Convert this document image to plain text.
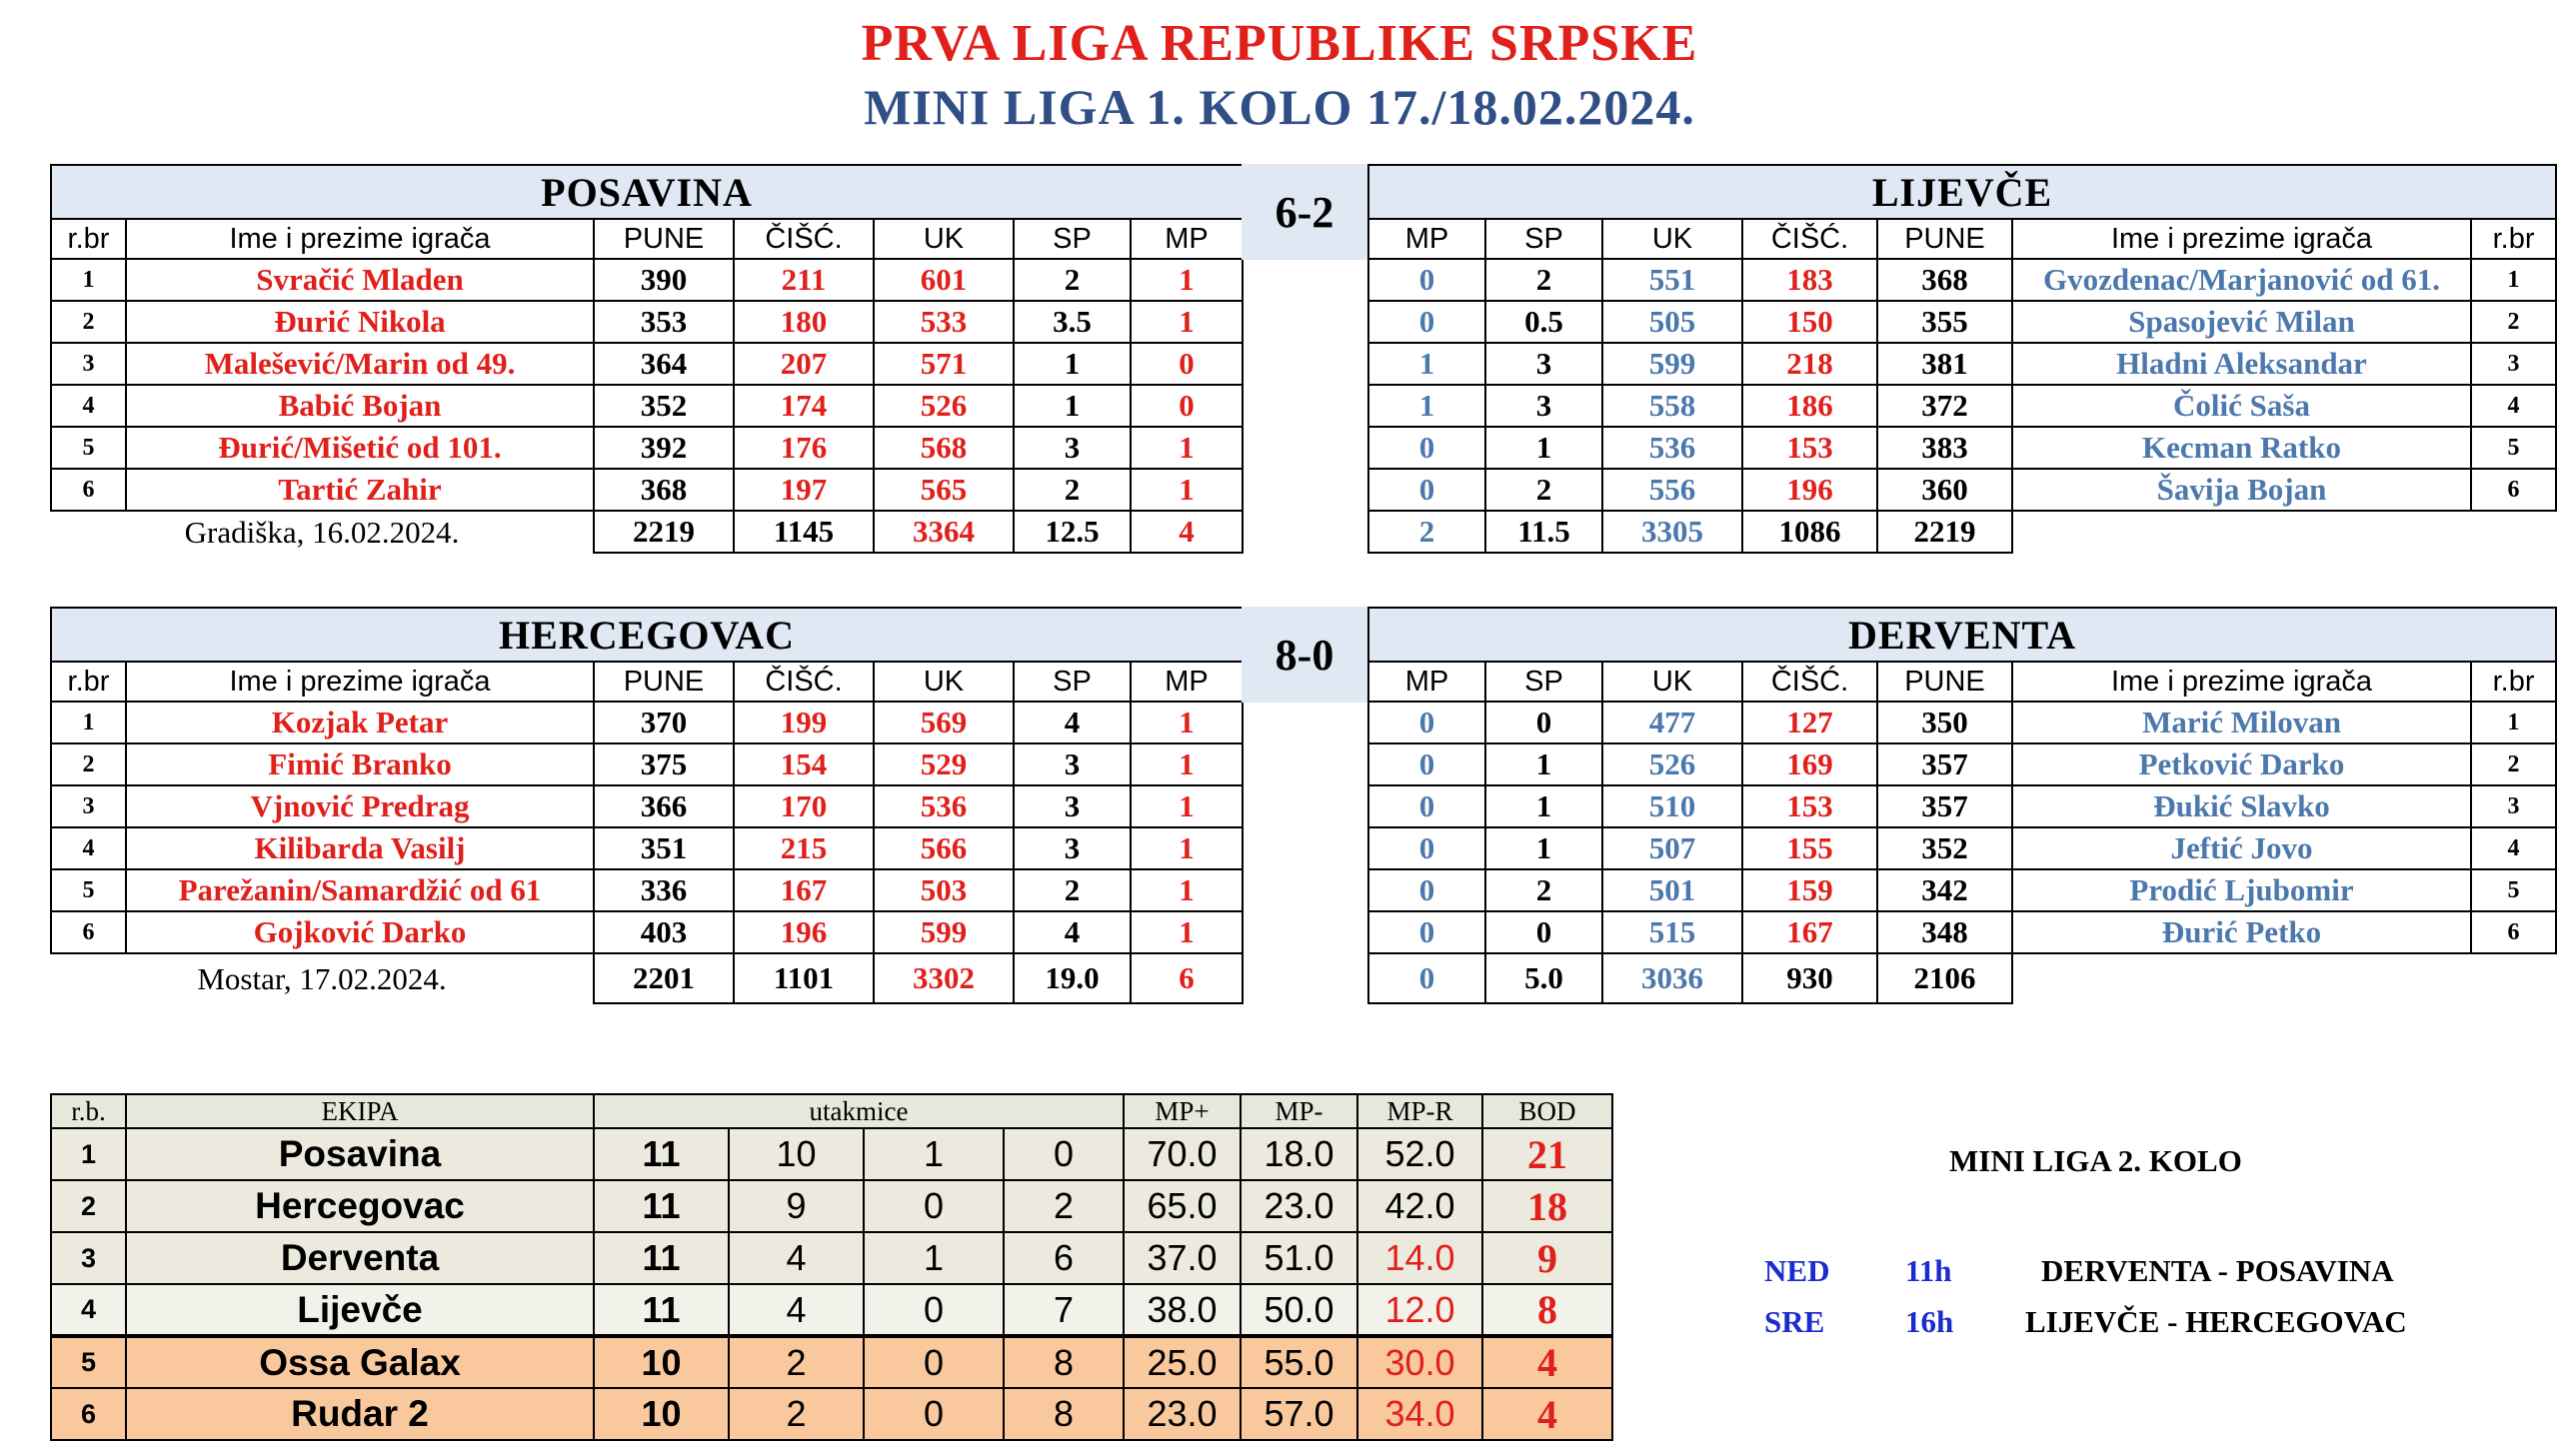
PRVA LIGA REPUBLIKE SRPSKE
MINI LIGA 1. KOLO 17./18.02.2024.
POSAVINA						
r.br	Ime i prezime igrača	PUNE	ČIŠĆ.	UK	SP	MP
1	Svračić Mladen	390	211	601	2	1
2	Đurić Nikola	353	180	533	3.5	1
3	Malešević/Marin od 49.	364	207	571	1	0
4	Babić Bojan	352	174	526	1	0
5	Đurić/Mišetić od 101.	392	176	568	3	1
6	Tartić Zahir	368	197	565	2	1
Gradiška, 16.02.2024.		2219	1145	3364	12.5	4
6-2	LIJEVČE						
MP	SP	UK	ČIŠĆ.	PUNE	Ime i prezime igrača	r.br
0	2	551	183	368	Gvozdenac/Marjanović od 61.	1
0	0.5	505	150	355	Spasojević Milan	2
1	3	599	218	381	Hladni Aleksandar	3
1	3	558	186	372	Čolić Saša	4
0	1	536	153	383	Kecman Ratko	5
0	2	556	196	360	Šavija Bojan	6
2	11.5	3305	1086	2219		
HERCEGOVAC						
r.br	Ime i prezime igrača	PUNE	ČIŠĆ.	UK	SP	MP
1	Kozjak Petar	370	199	569	4	1
2	Fimić Branko	375	154	529	3	1
3	Vjnović Predrag	366	170	536	3	1
4	Kilibarda Vasilj	351	215	566	3	1
5	Parežanin/Samardžić od 61	336	167	503	2	1
6	Gojković Darko	403	196	599	4	1
Mostar, 17.02.2024.		2201	1101	3302	19.0	6
8-0	DERVENTA						
MP	SP	UK	ČIŠĆ.	PUNE	Ime i prezime igrača	r.br
0	0	477	127	350	Marić Milovan	1
0	1	526	169	357	Petković Darko	2
0	1	510	153	357	Đukić Slavko	3
0	1	507	155	352	Jeftić Jovo	4
0	2	501	159	342	Prodić Ljubomir	5
0	0	515	167	348	Đurić Petko	6
0	5.0	3036	930	2106		
r.b.	EKIPA	utakmice				MP+	MP-	MP-R	BOD
1	Posavina	11	10	1	0	70.0	18.0	52.0	21
2	Hercegovac	11	9	0	2	65.0	23.0	42.0	18
3	Derventa	11	4	1	6	37.0	51.0	14.0	9
4	Lijevče	11	4	0	7	38.0	50.0	12.0	8
5	Ossa Galax	10	2	0	8	25.0	55.0	30.0	4
6	Rudar 2	10	2	0	8	23.0	57.0	34.0	4
MINI LIGA 2. KOLO
NED 11h	DERVENTA - POSAVINA
SRE	16h LIJEVČE - HERCEGOVAC
